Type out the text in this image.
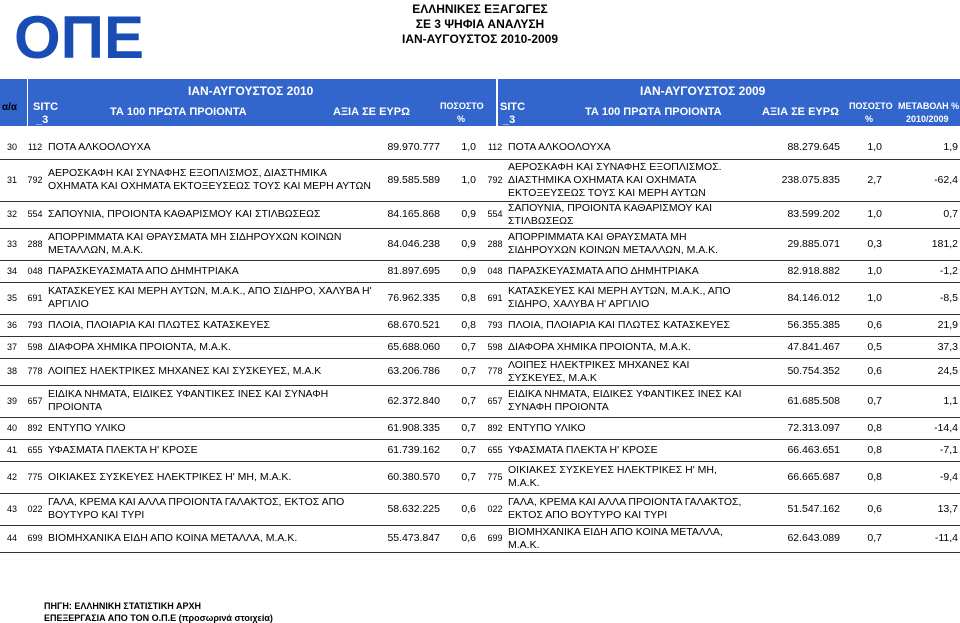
ΟΠΕ	ΕΛΛΗΝΙΚΕΣ ΕΞΑΓΩΓΕΣ
ΣΕ 3 ΨΗΦΙΑ ΑΝΑΛΥΣΗ
ΙΑΝ-ΑΥΓΟΥΣΤΟΣ 2010-2009
α/α
ΙΑΝ-ΑΥΓΟΥΣΤΟΣ 2010	ΙΑΝ-ΑΥΓΟΥΣΤΟΣ 2009
SITC
_3
ΤΑ 100 ΠΡΩΤΑ ΠΡΟΙΟΝΤΑ	ΑΞΙΑ ΣΕ ΕΥΡΩ	ΠΟΣΟΣΤΟ
%
SITC
_3
ΤΑ 100 ΠΡΩΤΑ ΠΡΟΙΟΝΤΑ	ΑΞΙΑ ΣΕ ΕΥΡΩ ΠΟΣΟΣΤΟ
%
ΜΕΤΑΒΟΛΗ %
2010/2009
30	112	ΠΟΤΑ ΑΛΚΟΟΛΟΥΧΑ	89.970.777	1,0	112	ΠΟΤΑ ΑΛΚΟΟΛΟΥΧΑ	88.279.645	1,0	1,9
31	792	ΑΕΡΟΣΚΑΦΗ ΚΑΙ ΣΥΝΑΦΗΣ ΕΞΟΠΛΙΣΜΟΣ, ΔΙΑΣΤΗΜΙΚΑ ΟΧΗΜΑΤΑ ΚΑΙ ΟΧΗΜΑΤΑ ΕΚΤΟΞΕΥΣΕΩΣ ΤΟΥΣ ΚΑΙ ΜΕΡΗ ΑΥΤΩΝ	89.585.589	1,0	792	ΑΕΡΟΣΚΑΦΗ ΚΑΙ ΣΥΝΑΦΗΣ ΕΞΟΠΛΙΣΜΟΣ. ΔΙΑΣΤΗΜΙΚΑ ΟΧΗΜΑΤΑ ΚΑΙ ΟΧΗΜΑΤΑ ΕΚΤΟΞΕΥΣΕΩΣ ΤΟΥΣ ΚΑΙ ΜΕΡΗ ΑΥΤΩΝ	238.075.835	2,7	-62,4
32	554	ΣΑΠΟΥΝΙΑ, ΠΡΟΙΟΝΤΑ ΚΑΘΑΡΙΣΜΟΥ ΚΑΙ ΣΤΙΛΒΩΣΕΩΣ	84.165.868	0,9	554	ΣΑΠΟΥΝΙΑ, ΠΡΟΙΟΝΤΑ ΚΑΘΑΡΙΣΜΟΥ ΚΑΙ ΣΤΙΛΒΩΣΕΩΣ	83.599.202	1,0	0,7
33	288	ΑΠΟΡΡΙΜΜΑΤΑ ΚΑΙ ΘΡΑΥΣΜΑΤΑ ΜΗ ΣΙΔΗΡΟΥΧΩΝ ΚΟΙΝΩΝ ΜΕΤΑΛΛΩΝ, Μ.Α.Κ.	84.046.238	0,9	288	ΑΠΟΡΡΙΜΜΑΤΑ ΚΑΙ ΘΡΑΥΣΜΑΤΑ ΜΗ ΣΙΔΗΡΟΥΧΩΝ ΚΟΙΝΩΝ ΜΕΤΑΛΛΩΝ, Μ.Α.Κ.	29.885.071	0,3	181,2
34	048	ΠΑΡΑΣΚΕΥΑΣΜΑΤΑ ΑΠΟ ΔΗΜΗΤΡΙΑΚΑ	81.897.695	0,9	048	ΠΑΡΑΣΚΕΥΑΣΜΑΤΑ ΑΠΟ ΔΗΜΗΤΡΙΑΚΑ	82.918.882	1,0	-1,2
35	691	ΚΑΤΑΣΚΕΥΕΣ ΚΑΙ ΜΕΡΗ ΑΥΤΩΝ, Μ.Α.Κ., ΑΠΟ ΣΙΔΗΡΟ, ΧΑΛΥΒΑ Η' ΑΡΓΙΛΙΟ	76.962.335	0,8	691	ΚΑΤΑΣΚΕΥΕΣ ΚΑΙ ΜΕΡΗ ΑΥΤΩΝ, Μ.Α.Κ., ΑΠΟ ΣΙΔΗΡΟ, ΧΑΛΥΒΑ Η' ΑΡΓΙΛΙΟ	84.146.012	1,0	-8,5
36	793	ΠΛΟΙΑ, ΠΛΟΙΑΡΙΑ ΚΑΙ ΠΛΩΤΕΣ ΚΑΤΑΣΚΕΥΕΣ	68.670.521	0,8	793	ΠΛΟΙΑ, ΠΛΟΙΑΡΙΑ ΚΑΙ ΠΛΩΤΕΣ ΚΑΤΑΣΚΕΥΕΣ	56.355.385	0,6	21,9
37	598	ΔΙΑΦΟΡΑ ΧΗΜΙΚΑ ΠΡΟΙΟΝΤΑ, Μ.Α.Κ.	65.688.060	0,7	598	ΔΙΑΦΟΡΑ ΧΗΜΙΚΑ ΠΡΟΙΟΝΤΑ, Μ.Α.Κ.	47.841.467	0,5	37,3
38	778	ΛΟΙΠΕΣ ΗΛΕΚΤΡΙΚΕΣ ΜΗΧΑΝΕΣ ΚΑΙ ΣΥΣΚΕΥΕΣ, Μ.Α.Κ	63.206.786	0,7	778	ΛΟΙΠΕΣ ΗΛΕΚΤΡΙΚΕΣ ΜΗΧΑΝΕΣ ΚΑΙ ΣΥΣΚΕΥΕΣ, Μ.Α.Κ	50.754.352	0,6	24,5
39	657	ΕΙΔΙΚΑ ΝΗΜΑΤΑ, ΕΙΔΙΚΕΣ ΥΦΑΝΤΙΚΕΣ ΙΝΕΣ ΚΑΙ ΣΥΝΑΦΗ ΠΡΟΙΟΝΤΑ	62.372.840	0,7	657	ΕΙΔΙΚΑ ΝΗΜΑΤΑ, ΕΙΔΙΚΕΣ ΥΦΑΝΤΙΚΕΣ ΙΝΕΣ ΚΑΙ ΣΥΝΑΦΗ ΠΡΟΙΟΝΤΑ	61.685.508	0,7	1,1
40	892	ΕΝΤΥΠΟ ΥΛΙΚΟ	61.908.335	0,7	892	ΕΝΤΥΠΟ ΥΛΙΚΟ	72.313.097	0,8	-14,4
41	655	ΥΦΑΣΜΑΤΑ ΠΛΕΚΤΑ Η' ΚΡΟΣΕ	61.739.162	0,7	655	ΥΦΑΣΜΑΤΑ ΠΛΕΚΤΑ Η' ΚΡΟΣΕ	66.463.651	0,8	-7,1
42	775	ΟΙΚΙΑΚΕΣ ΣΥΣΚΕΥΕΣ ΗΛΕΚΤΡΙΚΕΣ Η' ΜΗ, Μ.Α.Κ.	60.380.570	0,7	775	ΟΙΚΙΑΚΕΣ ΣΥΣΚΕΥΕΣ ΗΛΕΚΤΡΙΚΕΣ Η' ΜΗ, Μ.Α.Κ.	66.665.687	0,8	-9,4
43	022	ΓΑΛΑ, ΚΡΕΜΑ ΚΑΙ ΑΛΛΑ ΠΡΟΙΟΝΤΑ ΓΑΛΑΚΤΟΣ, ΕΚΤΟΣ ΑΠΟ ΒΟΥΤΥΡΟ ΚΑΙ ΤΥΡΙ	58.632.225	0,6	022	ΓΑΛΑ, ΚΡΕΜΑ ΚΑΙ ΑΛΛΑ ΠΡΟΙΟΝΤΑ ΓΑΛΑΚΤΟΣ, ΕΚΤΟΣ ΑΠΟ ΒΟΥΤΥΡΟ ΚΑΙ ΤΥΡΙ	51.547.162	0,6	13,7
44	699	ΒΙΟΜΗΧΑΝΙΚΑ ΕΙΔΗ ΑΠΟ ΚΟΙΝΑ ΜΕΤΑΛΛΑ, Μ.Α.Κ.	55.473.847	0,6	699	ΒΙΟΜΗΧΑΝΙΚΑ ΕΙΔΗ ΑΠΟ ΚΟΙΝΑ ΜΕΤΑΛΛΑ, Μ.Α.Κ.	62.643.089	0,7	-11,4
ΠΗΓΗ: ΕΛΛΗΝΙΚΗ ΣΤΑΤΙΣΤΙΚΗ ΑΡΧΗ
ΕΠΕΞΕΡΓΑΣΙΑ ΑΠΟ ΤΟΝ Ο.Π.Ε (προσωρινά στοιχεία)
